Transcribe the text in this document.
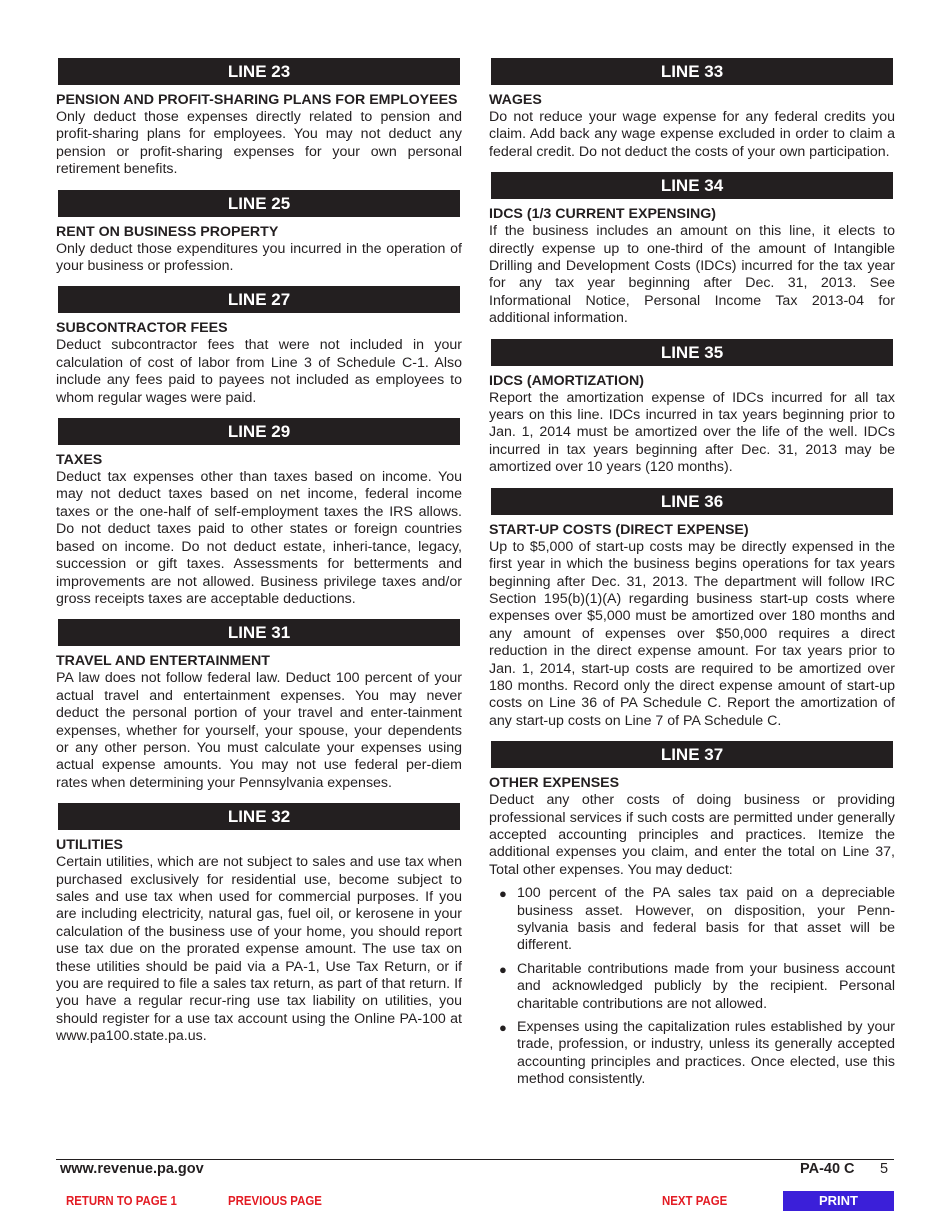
LINE 23
PENSION AND PROFIT-SHARING PLANS FOR EMPLOYEES

Only deduct those expenses directly related to pension and profit-sharing plans for employees. You may not deduct any pension or profit-sharing expenses for your own personal retirement benefits.

LINE 25
RENT ON BUSINESS PROPERTY

Only deduct those expenditures you incurred in the operation of your business or profession.

LINE 27
SUBCONTRACTOR FEES

Deduct subcontractor fees that were not included in your calculation of cost of labor from Line 3 of Schedule C-1. Also include any fees paid to payees not included as employees to whom regular wages were paid.

LINE 29
TAXES

Deduct tax expenses other than taxes based on income. You may not deduct taxes based on net income, federal income taxes or the one-half of self-employment taxes the IRS allows. Do not deduct taxes paid to other states or foreign countries based on income. Do not deduct estate, inheri-tance, legacy, succession or gift taxes. Assessments for betterments and improvements are not allowed. Business privilege taxes and/or gross receipts taxes are acceptable deductions.

LINE 31
TRAVEL AND ENTERTAINMENT

PA law does not follow federal law. Deduct 100 percent of your actual travel and entertainment expenses. You may never deduct the personal portion of your travel and enter-tainment expenses, whether for yourself, your spouse, your dependents or any other person. You must calculate your expenses using actual expense amounts. You may not use federal per-diem rates when determining your Pennsylvania expenses.

LINE 32
UTILITIES

Certain utilities, which are not subject to sales and use tax when purchased exclusively for residential use, become subject to sales and use tax when used for commercial purposes. If you are including electricity, natural gas, fuel oil, or kerosene in your calculation of the business use of your home, you should report use tax due on the prorated expense amount. The use tax on these utilities should be paid via a PA-1, Use Tax Return, or if you are required to file a sales tax return, as part of that return. If you have a regular recur-ring use tax liability on utilities, you should register for a use tax account using the Online PA-100 at www.pa100.state.pa.us.

LINE 33
WAGES

Do not reduce your wage expense for any federal credits you claim. Add back any wage expense excluded in order to claim a federal credit. Do not deduct the costs of your own participation.

LINE 34
IDCS (1/3 CURRENT EXPENSING)

If the business includes an amount on this line, it elects to directly expense up to one-third of the amount of Intangible Drilling and Development Costs (IDCs) incurred for the tax year for any tax year beginning after Dec. 31, 2013. See Informational Notice, Personal Income Tax 2013-04 for additional information.

LINE 35
IDCS (AMORTIZATION)

Report the amortization expense of IDCs incurred for all tax years on this line. IDCs incurred in tax years beginning prior to Jan. 1, 2014 must be amortized over the life of the well. IDCs incurred in tax years beginning after Dec. 31, 2013 may be amortized over 10 years (120 months).

LINE 36
START-UP COSTS (DIRECT EXPENSE)

Up to $5,000 of start-up costs may be directly expensed in the first year in which the business begins operations for tax years beginning after Dec. 31, 2013. The department will follow IRC Section 195(b)(1)(A) regarding business start-up costs where expenses over $5,000 must be amortized over 180 months and any amount of expenses over $50,000 requires a direct reduction in the direct expense amount. For tax years prior to Jan. 1, 2014, start-up costs are required to be amortized over 180 months. Record only the direct expense amount of start-up costs on Line 36 of PA Schedule C. Report the amortization of any start-up costs on Line 7 of PA Schedule C.

LINE 37
OTHER EXPENSES

Deduct any other costs of doing business or providing professional services if such costs are permitted under generally accepted accounting principles and practices. Itemize the additional expenses you claim, and enter the total on Line 37, Total other expenses. You may deduct:

● 100 percent of the PA sales tax paid on a depreciable business asset. However, on disposition, your Penn-sylvania basis and federal basis for that asset will be different.
● Charitable contributions made from your business account and acknowledged publicly by the recipient. Personal charitable contributions are not allowed.
● Expenses using the capitalization rules established by your trade, profession, or industry, unless its generally accepted accounting principles and practices. Once elected, use this method consistently.
www.revenue.pa.gov	PA-40 C 5
RETURN TO PAGE 1	PREVIOUS PAGE	NEXT PAGE	PRINT
